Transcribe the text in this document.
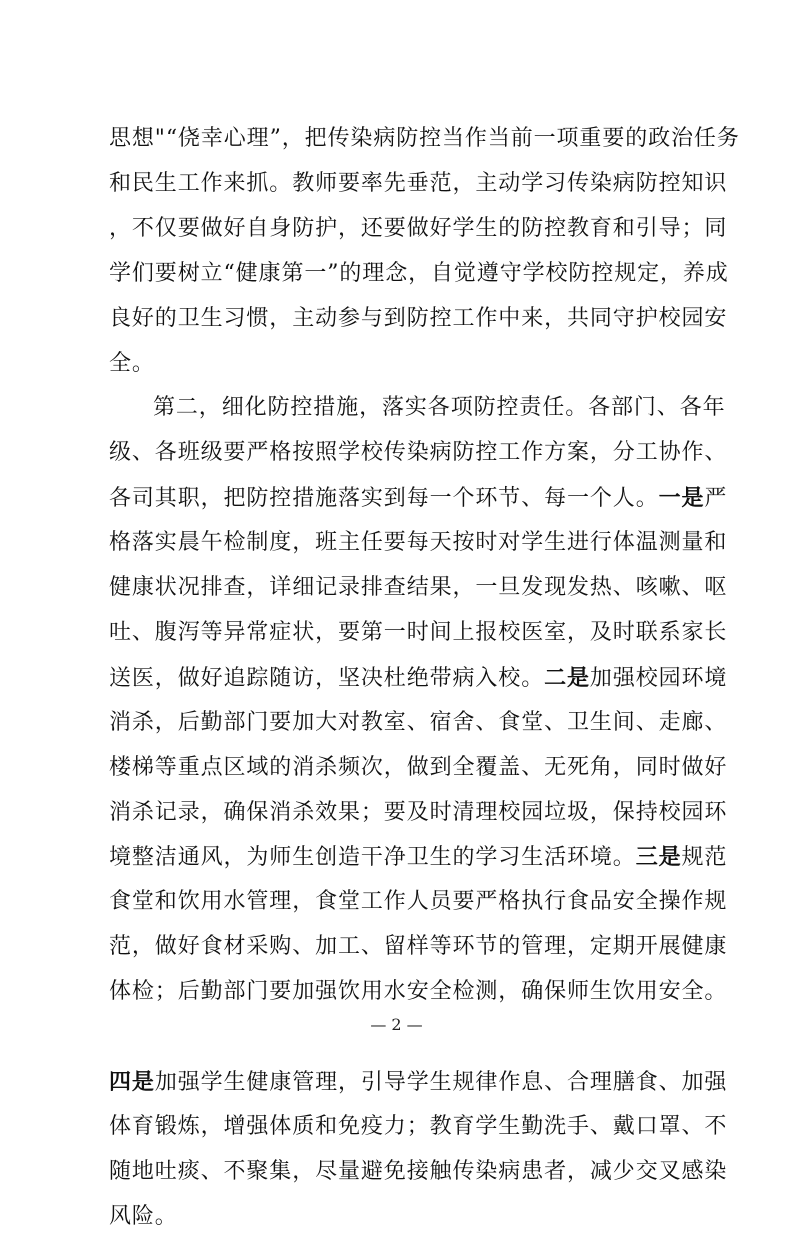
思想"“侥幸心理”，把传染病防控当作当前一项重要的政治任务
和民生工作来抓。教师要率先垂范，主动学习传染病防控知识
，不仅要做好自身防护，还要做好学生的防控教育和引导；同
学们要树立“健康第一”的理念，自觉遵守学校防控规定，养成
良好的卫生习惯，主动参与到防控工作中来，共同守护校园安
全。
第二，细化防控措施，落实各项防控责任。各部门、各年
级、各班级要严格按照学校传染病防控工作方案，分工协作、
各司其职，把防控措施落实到每一个环节、每一个人。一是严
格落实晨午检制度，班主任要每天按时对学生进行体温测量和
健康状况排查，详细记录排查结果，一旦发现发热、咳嗽、呕
吐、腹泻等异常症状，要第一时间上报校医室，及时联系家长
送医，做好追踪随访，坚决杜绝带病入校。二是加强校园环境
消杀，后勤部门要加大对教室、宿舍、食堂、卫生间、走廊、
楼梯等重点区域的消杀频次，做到全覆盖、无死角，同时做好
消杀记录，确保消杀效果；要及时清理校园垃圾，保持校园环
境整洁通风，为师生创造干净卫生的学习生活环境。三是规范
食堂和饮用水管理，食堂工作人员要严格执行食品安全操作规
范，做好食材采购、加工、留样等环节的管理，定期开展健康
体检；后勤部门要加强饮用水安全检测，确保师生饮用安全。
— 2 —
四是加强学生健康管理，引导学生规律作息、合理膳食、加强
体育锻炼，增强体质和免疫力；教育学生勤洗手、戴口罩、不
随地吐痰、不聚集，尽量避免接触传染病患者，减少交叉感染
风险。
